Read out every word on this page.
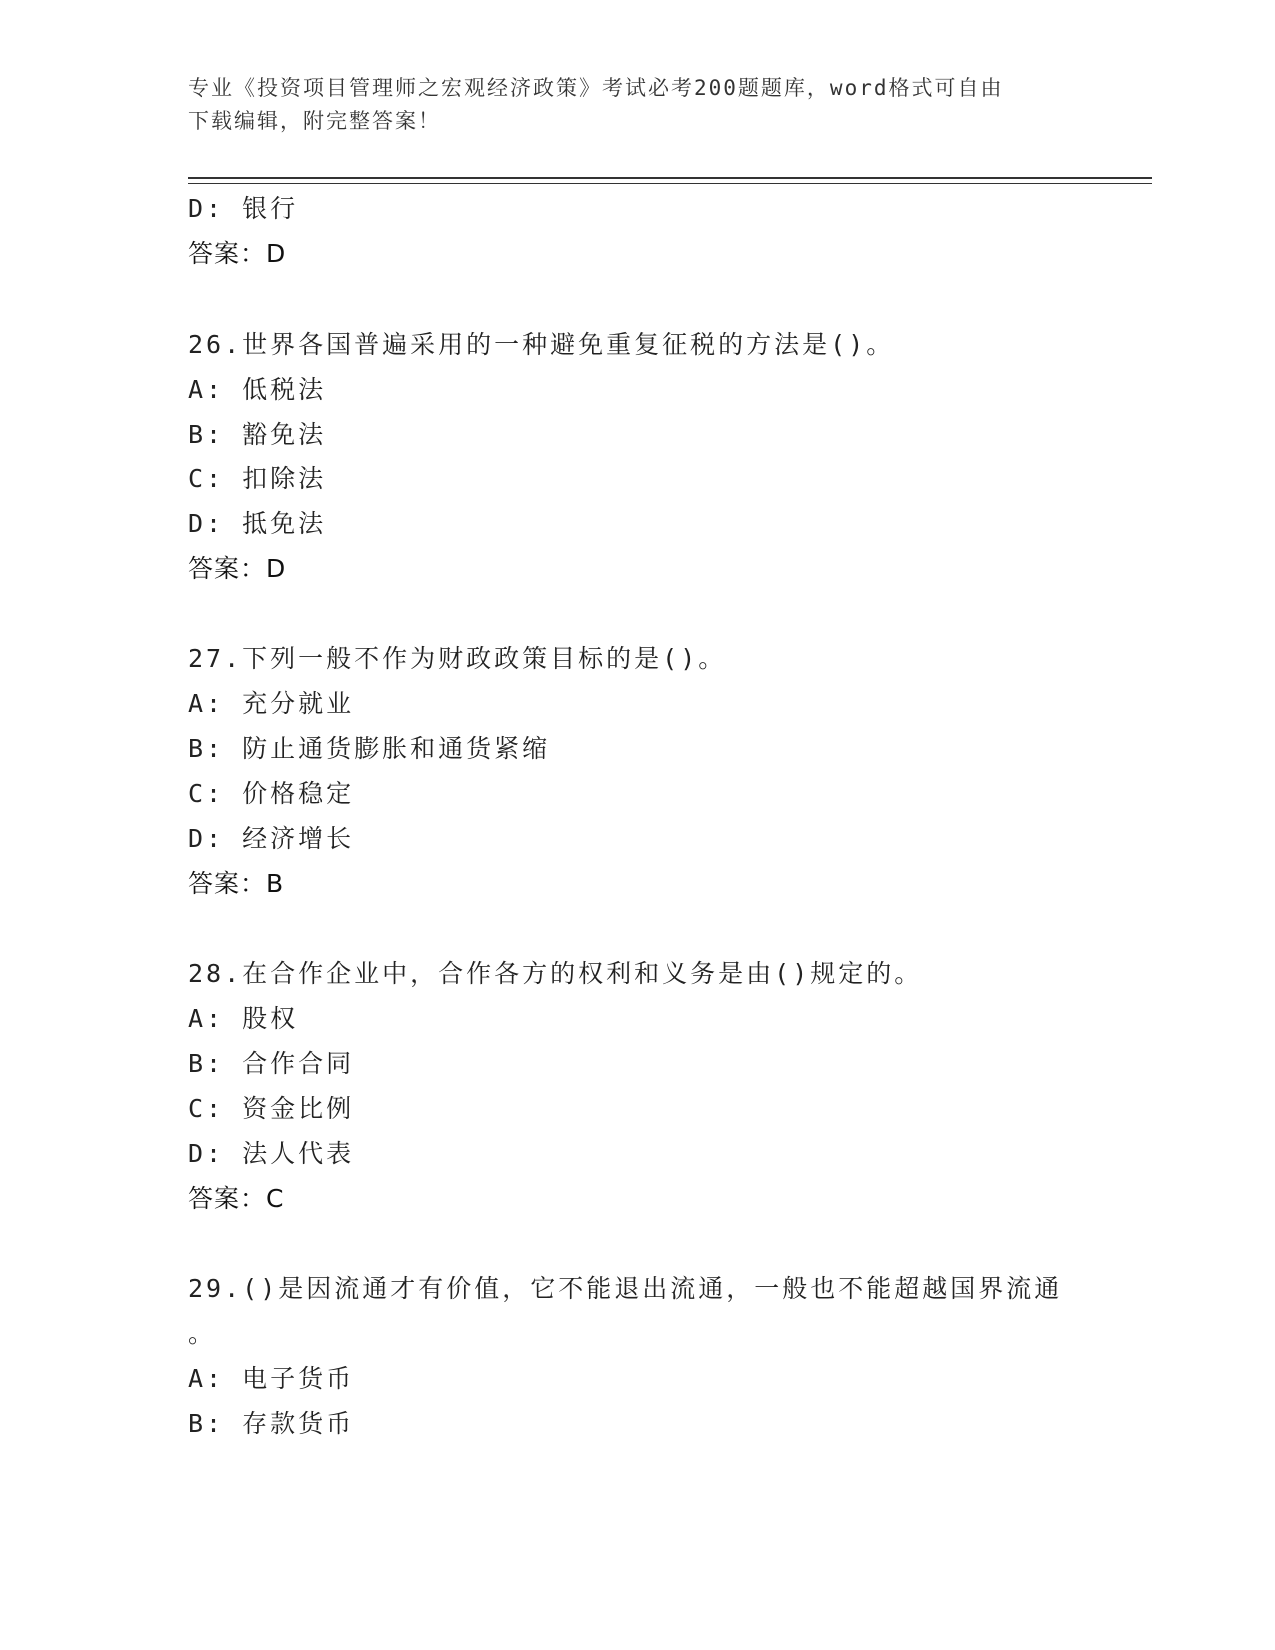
专业《投资项目管理师之宏观经济政策》考试必考200题题库，word格式可自由
下载编辑，附完整答案！
D: 银行
答案：D
26.世界各国普遍采用的一种避免重复征税的方法是()。
A: 低税法
B: 豁免法
C: 扣除法
D: 抵免法
答案：D
27.下列一般不作为财政政策目标的是()。
A: 充分就业
B: 防止通货膨胀和通货紧缩
C: 价格稳定
D: 经济增长
答案：B
28.在合作企业中，合作各方的权利和义务是由()规定的。
A: 股权
B: 合作合同
C: 资金比例
D: 法人代表
答案：C
29.()是因流通才有价值，它不能退出流通，一般也不能超越国界流通
。
A: 电子货币
B: 存款货币
